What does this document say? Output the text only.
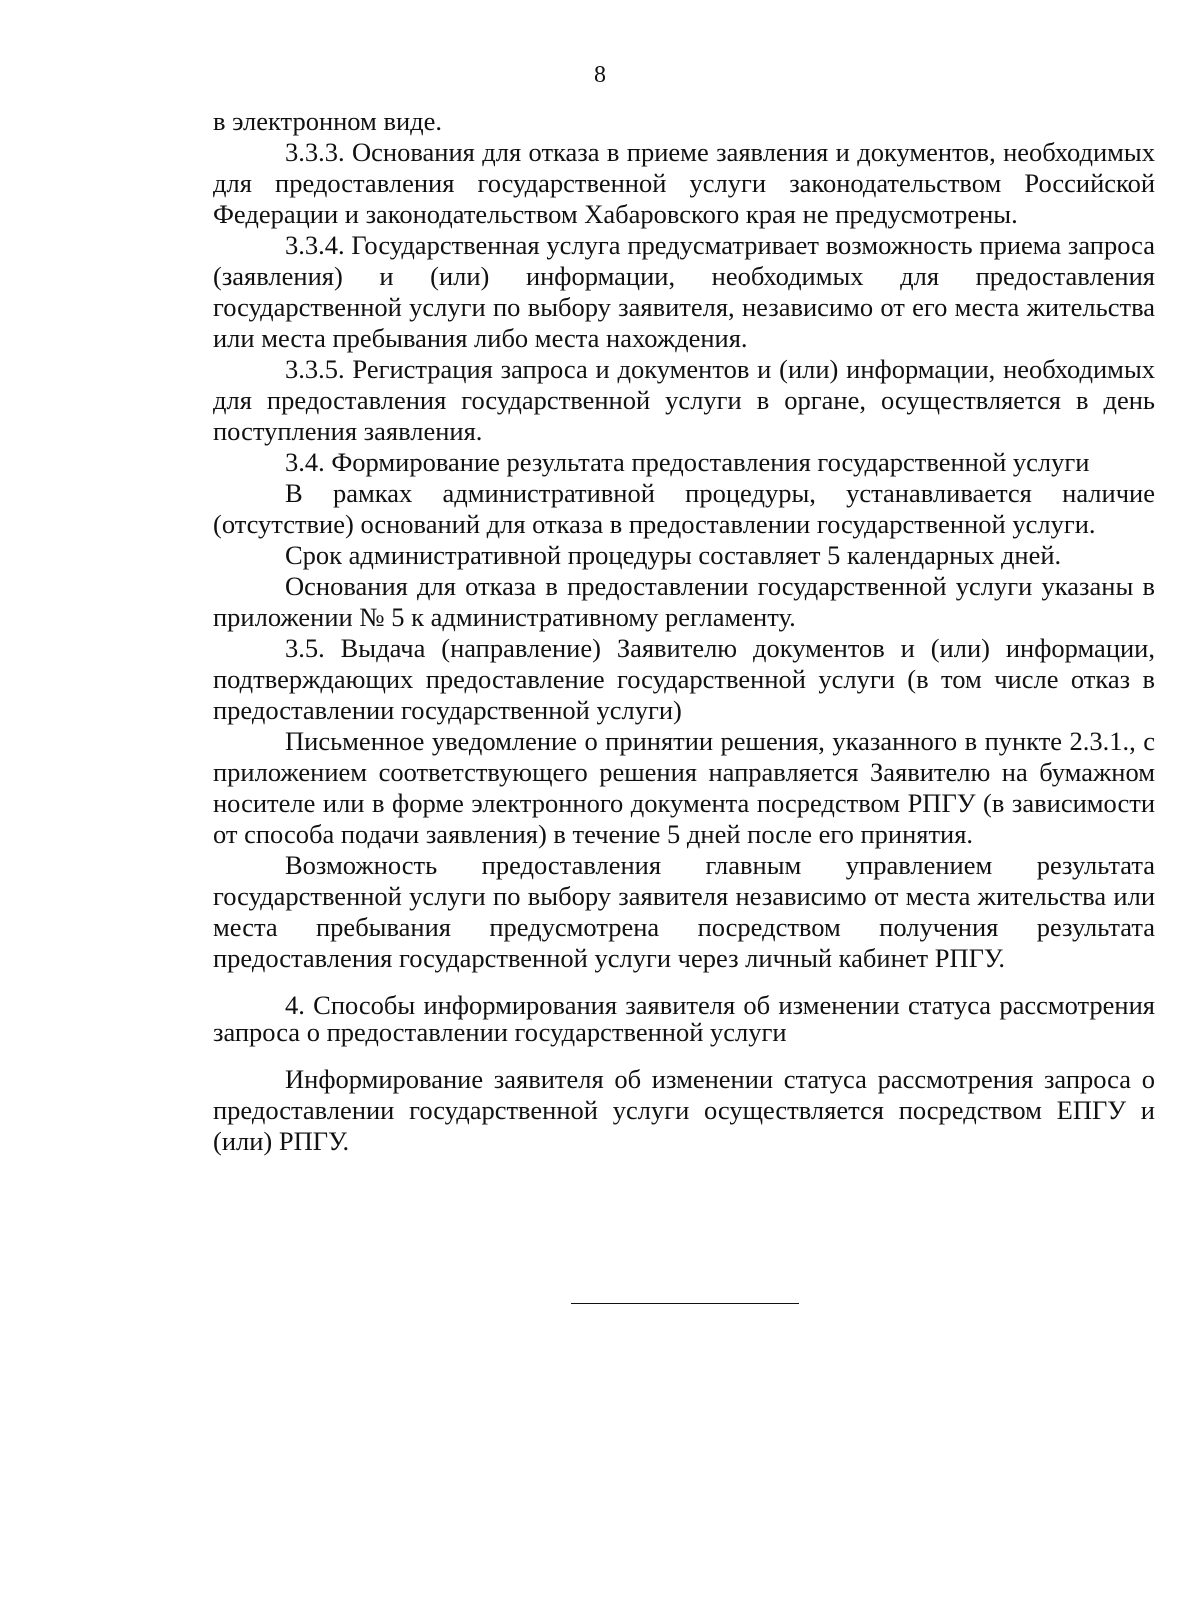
8

в электронном виде.

3.3.3. Основания для отказа в приеме заявления и документов, необходимых для предоставления государственной услуги законодательством Российской Федерации и законодательством Хабаровского края не предусмотрены.

3.3.4. Государственная услуга предусматривает возможность приема запроса (заявления) и (или) информации, необходимых для предоставления государственной услуги по выбору заявителя, независимо от его места жительства или места пребывания либо места нахождения.

3.3.5. Регистрация запроса и документов и (или) информации, необходимых для предоставления государственной услуги в органе, осуществляется в день поступления заявления.

3.4. Формирование результата предоставления государственной услуги

В рамках административной процедуры, устанавливается наличие (отсутствие) оснований для отказа в предоставлении государственной услуги.

Срок административной процедуры составляет 5 календарных дней.

Основания для отказа в предоставлении государственной услуги указаны в приложении № 5 к административному регламенту.

3.5. Выдача (направление) Заявителю документов и (или) информации, подтверждающих предоставление государственной услуги (в том числе отказ в предоставлении государственной услуги)

Письменное уведомление о принятии решения, указанного в пункте 2.3.1., с приложением соответствующего решения направляется Заявителю на бумажном носителе или в форме электронного документа посредством РПГУ (в зависимости от способа подачи заявления) в течение 5 дней после его принятия.

Возможность предоставления главным управлением результата государственной услуги по выбору заявителя независимо от места жительства или места пребывания предусмотрена посредством получения результата предоставления государственной услуги через личный кабинет РПГУ.

4. Способы информирования заявителя об изменении статуса рассмотрения запроса о предоставлении государственной услуги

Информирование заявителя об изменении статуса рассмотрения запроса о предоставлении государственной услуги осуществляется посредством ЕПГУ и (или) РПГУ.
